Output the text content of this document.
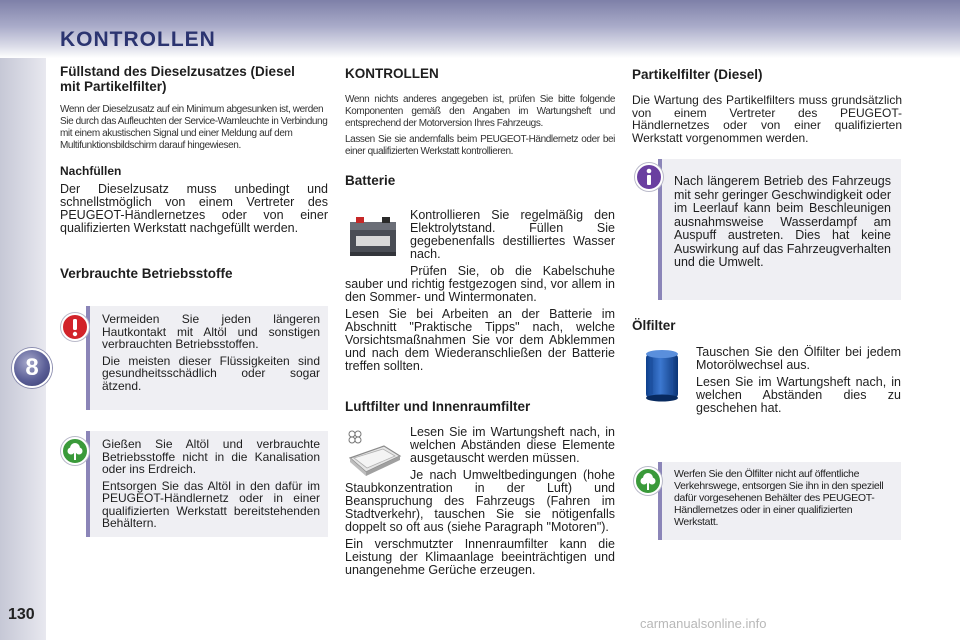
KONTROLLEN
8
130
Füllstand des Dieselzusatzes (Diesel mit Partikelfilter)

Wenn der Dieselzusatz auf ein Minimum abgesunken ist, werden Sie durch das Aufleuchten der Service-Warnleuchte in Verbindung mit einem akustischen Signal und einer Meldung auf dem Multifunktionsbildschirm darauf hingewiesen.

Nachfüllen

Der Dieselzusatz muss unbedingt und schnellstmöglich von einem Vertreter des PEUGEOT-Händlernetzes oder von einer qualifizierten Werkstatt nachgefüllt werden.

Verbrauchte Betriebsstoffe

Vermeiden Sie jeden längeren Hautkontakt mit Altöl und sonstigen verbrauchten Betriebsstoffen.

Die meisten dieser Flüssigkeiten sind gesundheitsschädlich oder sogar ätzend.

Gießen Sie Altöl und verbrauchte Betriebsstoffe nicht in die Kanalisation oder ins Erdreich.

Entsorgen Sie das Altöl in den dafür im PEUGEOT-Händlernetz oder in einer qualifizierten Werkstatt bereitstehenden Behältern.

KONTROLLEN

Wenn nichts anderes angegeben ist, prüfen Sie bitte folgende Komponenten gemäß den Angaben im Wartungsheft und entsprechend der Motorversion Ihres Fahrzeugs.

Lassen Sie sie andernfalls beim PEUGEOT-Händlernetz oder bei einer qualifizierten Werkstatt kontrollieren.

Batterie

Kontrollieren Sie regelmäßig den Elektrolytstand. Füllen Sie gegebenenfalls destilliertes Wasser nach.

Prüfen Sie, ob die Kabelschuhe sauber und richtig festgezogen sind, vor allem in den Sommer- und Wintermonaten.

Lesen Sie bei Arbeiten an der Batterie im Abschnitt "Praktische Tipps" nach, welche Vorsichtsmaßnahmen Sie vor dem Abklemmen und nach dem Wiederanschließen der Batterie treffen sollten.

Luftfilter und Innenraumfilter

Lesen Sie im Wartungsheft nach, in welchen Abständen diese Elemente ausgetauscht werden müssen.

Je nach Umweltbedingungen (hohe Staubkonzentration in der Luft) und Beanspruchung des Fahrzeugs (Fahren im Stadtverkehr), tauschen Sie sie nötigenfalls doppelt so oft aus (siehe Paragraph "Motoren").

Ein verschmutzter Innenraumfilter kann die Leistung der Klimaanlage beeinträchtigen und unangenehme Gerüche erzeugen.

Partikelfilter (Diesel)

Die Wartung des Partikelfilters muss grundsätzlich von einem Vertreter des PEUGEOT-Händlernetzes oder von einer qualifizierten Werkstatt vorgenommen werden.

Nach längerem Betrieb des Fahrzeugs mit sehr geringer Geschwindigkeit oder im Leerlauf kann beim Beschleunigen ausnahmsweise Wasserdampf am Auspuff austreten. Dies hat keine Auswirkung auf das Fahrzeugverhalten und die Umwelt.

Ölfilter

Tauschen Sie den Ölfilter bei jedem Motorölwechsel aus.

Lesen Sie im Wartungsheft nach, in welchen Abständen dies zu geschehen hat.

Werfen Sie den Ölfilter nicht auf öffentliche Verkehrswege, entsorgen Sie ihn in den speziell dafür vorgesehenen Behälter des PEUGEOT-Händlernetzes oder in einer qualifizierten Werkstatt.

carmanualsonline.info
